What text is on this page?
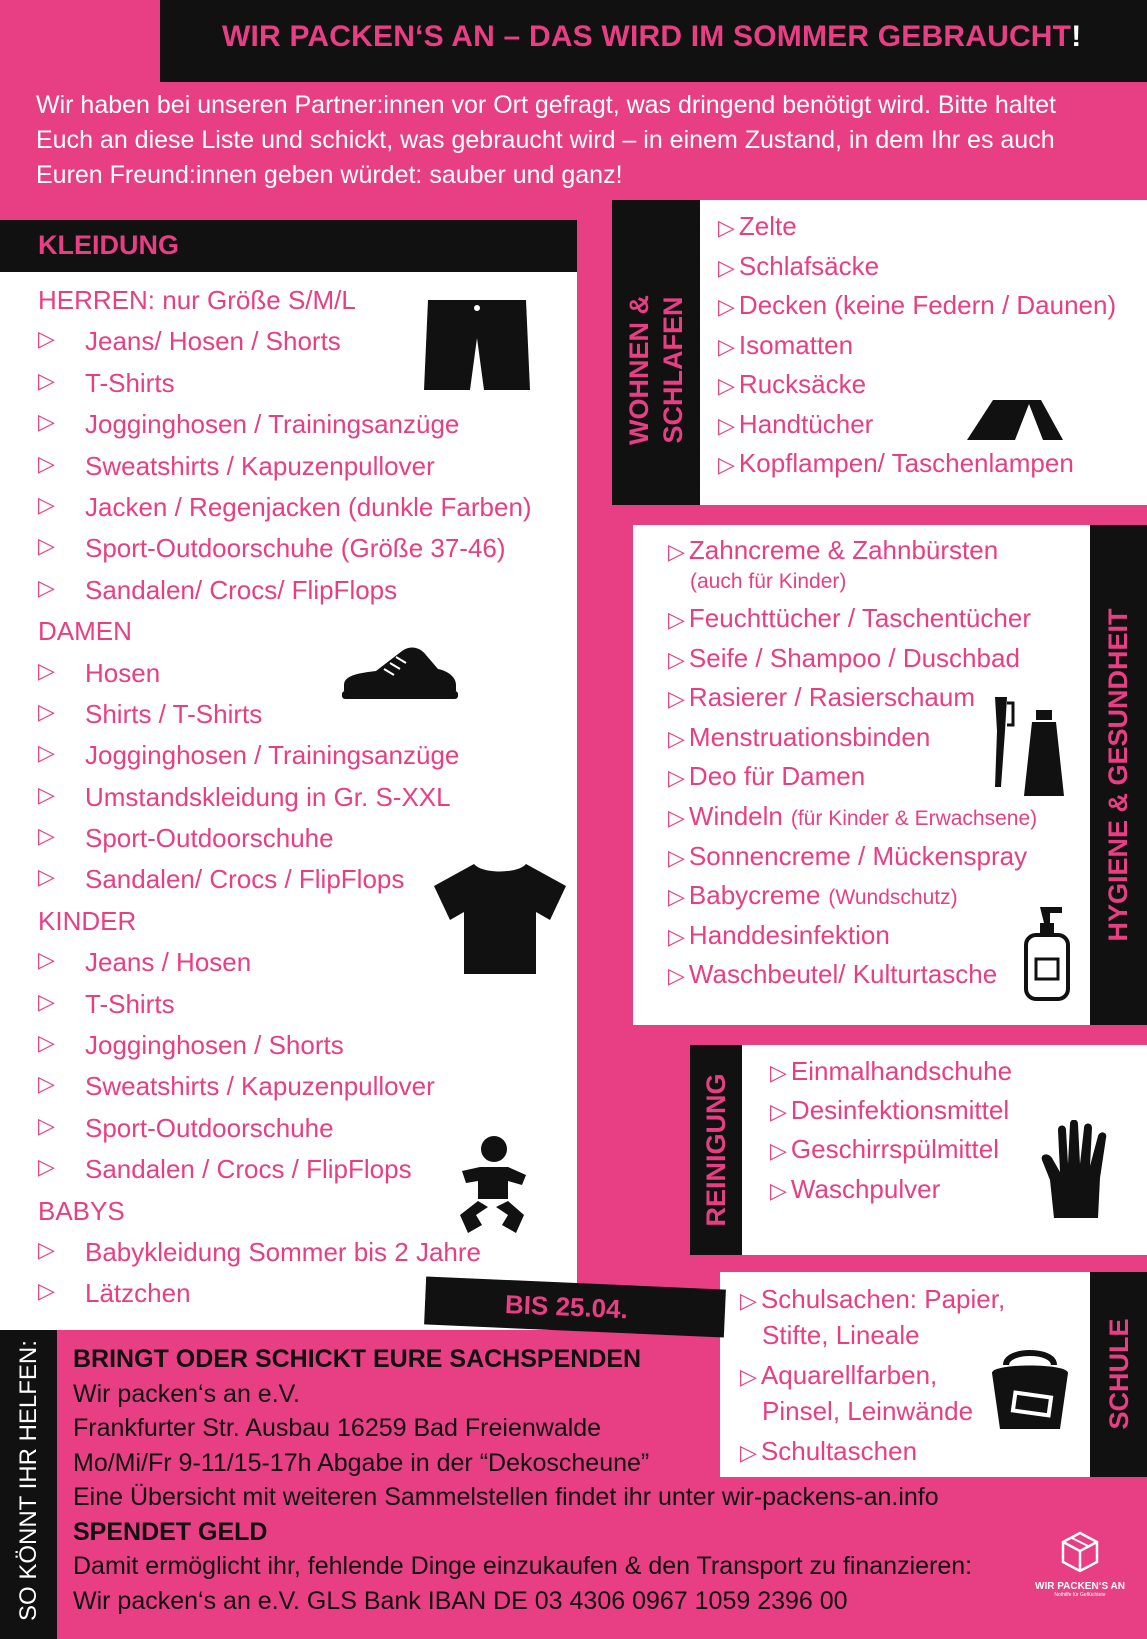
WIR PACKEN‘S AN – DAS WIRD IM SOMMER GEBRAUCHT!
Wir haben bei unseren Partner:innen vor Ort gefragt, was dringend benötigt wird. Bitte haltet Euch an diese Liste und schickt, was gebraucht wird – in einem Zustand, in dem Ihr es auch Euren Freund:innen geben würdet: sauber und ganz!
KLEIDUNG
HERREN: nur Größe S/M/L
▷ Jeans/ Hosen / Shorts
▷ T-Shirts
▷ Jogginghosen / Trainingsanzüge
▷ Sweatshirts / Kapuzenpullover
▷ Jacken / Regenjacken (dunkle Farben)
▷ Sport-Outdoorschuhe (Größe 37-46)
▷ Sandalen/ Crocs/ FlipFlops
DAMEN
▷ Hosen
▷ Shirts / T-Shirts
▷ Jogginghosen / Trainingsanzüge
▷ Umstandskleidung in Gr. S-XXL
▷ Sport-Outdoorschuhe
▷ Sandalen/ Crocs / FlipFlops
KINDER
▷ Jeans / Hosen
▷ T-Shirts
▷ Jogginghosen / Shorts
▷ Sweatshirts / Kapuzenpullover
▷ Sport-Outdoorschuhe
▷ Sandalen / Crocs / FlipFlops
BABYS
▷ Babykleidung Sommer bis 2 Jahre
▷ Lätzchen
WOHNEN & SCHLAFEN
▷ Zelte
▷ Schlafsäcke
▷ Decken (keine Federn / Daunen)
▷ Isomatten
▷ Rucksäcke
▷ Handtücher
▷ Kopflampen/ Taschenlampen
HYGIENE & GESUNDHEIT
▷ Zahncreme & Zahnbürsten
(auch für Kinder)
▷ Feuchttücher / Taschentücher
▷ Seife / Shampoo / Duschbad
▷ Rasierer / Rasierschaum
▷ Menstruationsbinden
▷ Deo für Damen
▷ Windeln (für Kinder & Erwachsene)
▷ Sonnencreme / Mückenspray
▷ Babycreme (Wundschutz)
▷ Handdesinfektion
▷ Waschbeutel/ Kulturtasche
REINIGUNG
▷ Einmalhandschuhe
▷ Desinfektionsmittel
▷ Geschirrspülmittel
▷ Waschpulver
SCHULE
▷ Schulsachen: Papier,
Stifte, Lineale
▷ Aquarellfarben,
Pinsel, Leinwände
▷ Schultaschen
BIS 25.04.
SO KÖNNT IHR HELFEN: BRINGT ODER SCHICKT EURE SACHSPENDEN
Wir packen‘s an e.V.
Frankfurter Str. Ausbau 16259 Bad Freienwalde
Mo/Mi/Fr 9-11/15-17h Abgabe in der “Dekoscheune”
Eine Übersicht mit weiteren Sammelstellen findet ihr unter wir-packens-an.info
SPENDET GELD
Damit ermöglicht ihr, fehlende Dinge einzukaufen & den Transport zu finanzieren:
Wir packen‘s an e.V. GLS Bank IBAN DE 03 4306 0967 1059 2396 00	WIR PACKEN‘S AN
Nothilfe für Geflüchtete
